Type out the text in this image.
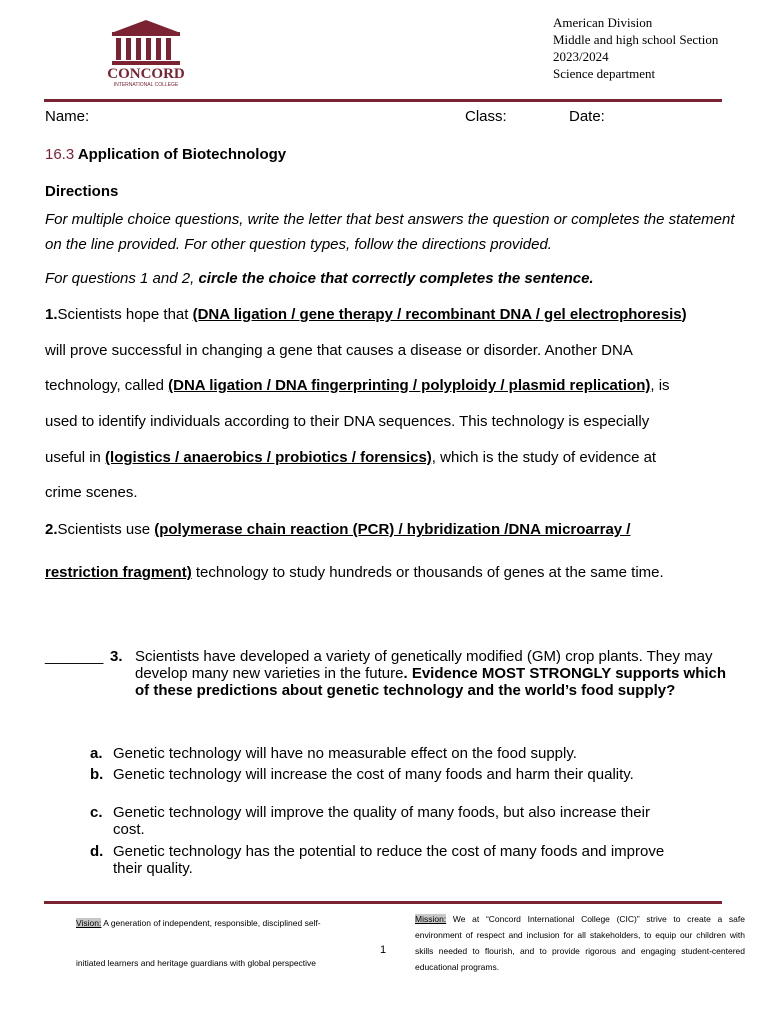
CONCORD
INTERNATIONAL COLLEGE
American Division
Middle and high school Section
2023/2024
Science department
Name:	Class:	Date:
16.3 Application of Biotechnology
Directions
For multiple choice questions, write the letter that best answers the question or completes the statement on the line provided. For other question types, follow the directions provided.
For questions 1 and 2, circle the choice that correctly completes the sentence.
1.Scientists hope that (DNA ligation / gene therapy / recombinant DNA / gel electrophoresis)
will prove successful in changing a gene that causes a disease or disorder. Another DNA
technology, called (DNA ligation / DNA fingerprinting / polyploidy / plasmid replication), is
used to identify individuals according to their DNA sequences. This technology is especially
useful in (logistics / anaerobics / probiotics / forensics), which is the study of evidence at
crime scenes.
2.Scientists use (polymerase chain reaction (PCR) / hybridization /DNA microarray /
restriction fragment) technology to study hundreds or thousands of genes at the same time.
_______ 3. Scientists have developed a variety of genetically modified (GM) crop plants. They may develop many new varieties in the future. Evidence MOST STRONGLY supports which of these predictions about genetic technology and the world’s food supply?
a. Genetic technology will have no measurable effect on the food supply.
b. Genetic technology will increase the cost of many foods and harm their quality.
c. Genetic technology will improve the quality of many foods, but also increase their cost.
d. Genetic technology has the potential to reduce the cost of many foods and improve their quality.
Vision: A generation of independent, responsible, disciplined self-
initiated learners and heritage guardians with global perspective
1
Mission: We at “Concord International College (CIC)” strive to create a safe environment of respect and inclusion for all stakeholders, to equip our children with skills needed to flourish, and to provide rigorous and engaging student-centered educational programs.
